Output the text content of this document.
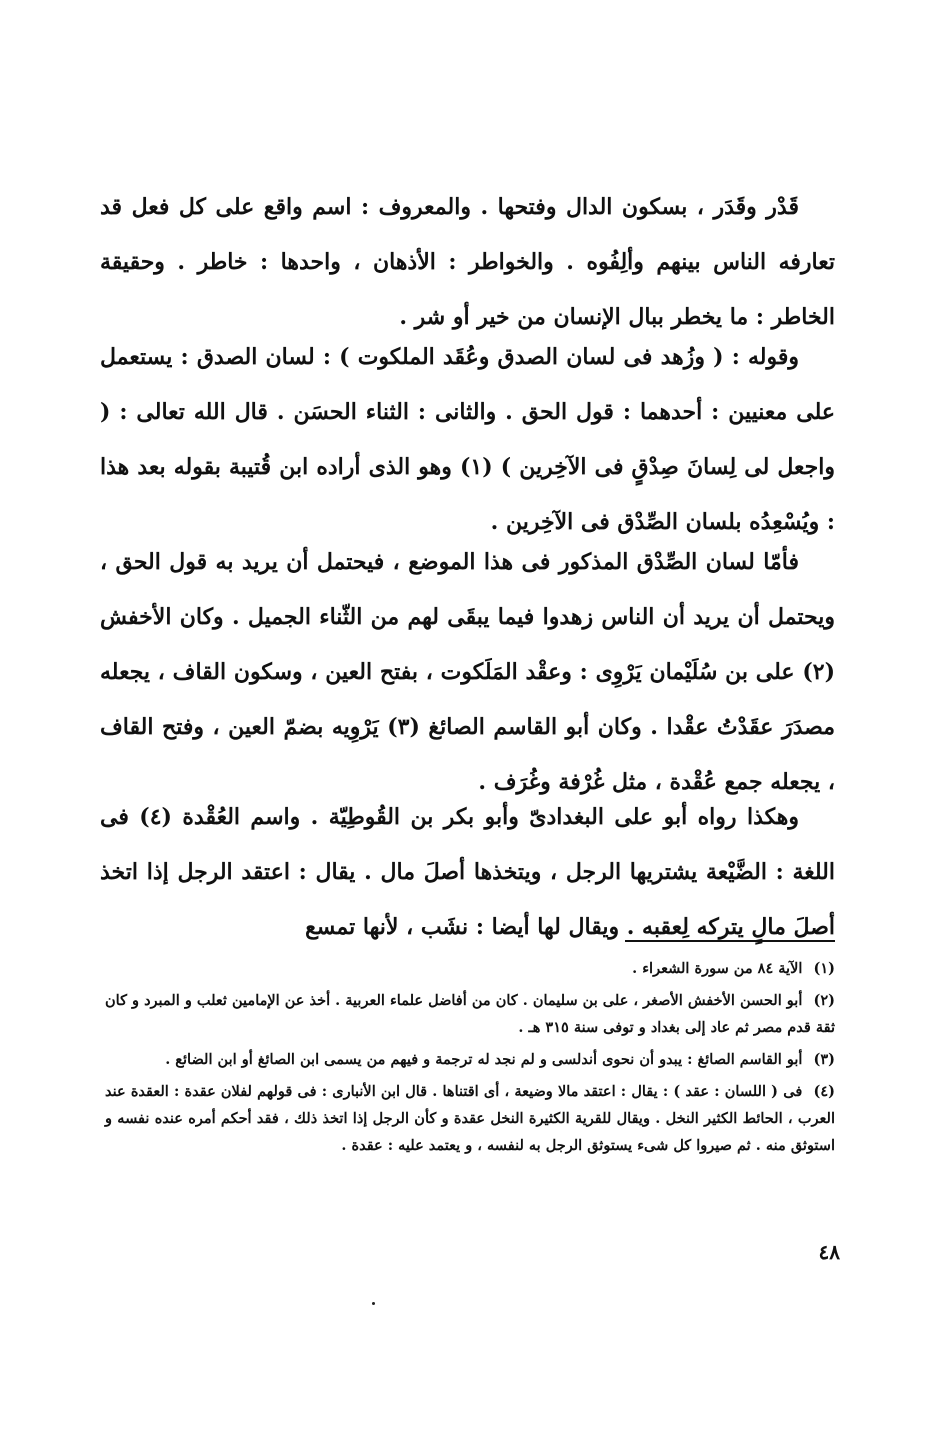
قَدْر وقَدَر ، بسكون الدال وفتحها . والمعروف : اسم واقع على كل فعل قد تعارفه الناس بينهم وألِفُوه . والخواطر : الأذهان ، واحدها : خاطر . وحقيقة الخاطر : ما يخطر ببال الإنسان من خير أو شر .

وقوله : ( وزُهد فى لسان الصدق وعُقَد الملكوت ) : لسان الصدق : يستعمل على معنيين : أحدهما : قول الحق . والثانى : الثناء الحسَن . قال الله تعالى : ( واجعل لى لِسانَ صِدْقٍ فى الآخِرين ) (١) وهو الذى أراده ابن قُتيبة بقوله بعد هذا : ويُسْعِدُه بلسان الصِّدْق فى الآخِرين .

فأمّا لسان الصِّدْق المذكور فى هذا الموضع ، فيحتمل أن يريد به قول الحق ، ويحتمل أن يريد أن الناس زهدوا فيما يبقَى لهم من الثّناء الجميل . وكان الأخفش (٢) على بن سُلَيْمان يَرْوِى : وعقْد المَلَكوت ، بفتح العين ، وسكون القاف ، يجعله مصدَرَ عقَدْتُ عقْدا . وكان أبو القاسم الصائغ (٣) يَرْوِيه بضمّ العين ، وفتح القاف ، يجعله جمع عُقْدة ، مثل غُرْفة وغُرَف .

وهكذا رواه أبو على البغدادىّ وأبو بكر بن القُوطِيّة . واسم العُقْدة (٤) فى اللغة : الضَّيْعة يشتريها الرجل ، ويتخذها أصلَ مال . يقال : اعتقد الرجل إذا اتخذ أصلَ مالٍ يتركه لِعقبه . ويقال لها أيضا : نشَب ، لأنها تمسع

(١) الآية ٨٤ من سورة الشعراء .

(٢) أبو الحسن الأخفش الأصغر ، على بن سليمان . كان من أفاضل علماء العربية . أخذ عن الإمامين ثعلب و المبرد و كان ثقة قدم مصر ثم عاد إلى بغداد و توفى سنة ٣١٥ هـ .

(٣) أبو القاسم الصائغ : يبدو أن نحوى أندلسى و لم نجد له ترجمة و فيهم من يسمى ابن الصائغ أو ابن الضائع .

(٤) فى ( اللسان : عقد ) : يقال : اعتقد مالا وضيعة ، أى اقتناها . قال ابن الأنبارى : فى قولهم لفلان عقدة : العقدة عند العرب ، الحائط الكثير النخل . ويقال للقرية الكثيرة النخل عقدة و كأن الرجل إذا اتخذ ذلك ، فقد أحكم أمره عنده نفسه و استوثق منه . ثم صيروا كل شىء يستوثق الرجل به لنفسه ، و يعتمد عليه : عقدة .

٤٨
